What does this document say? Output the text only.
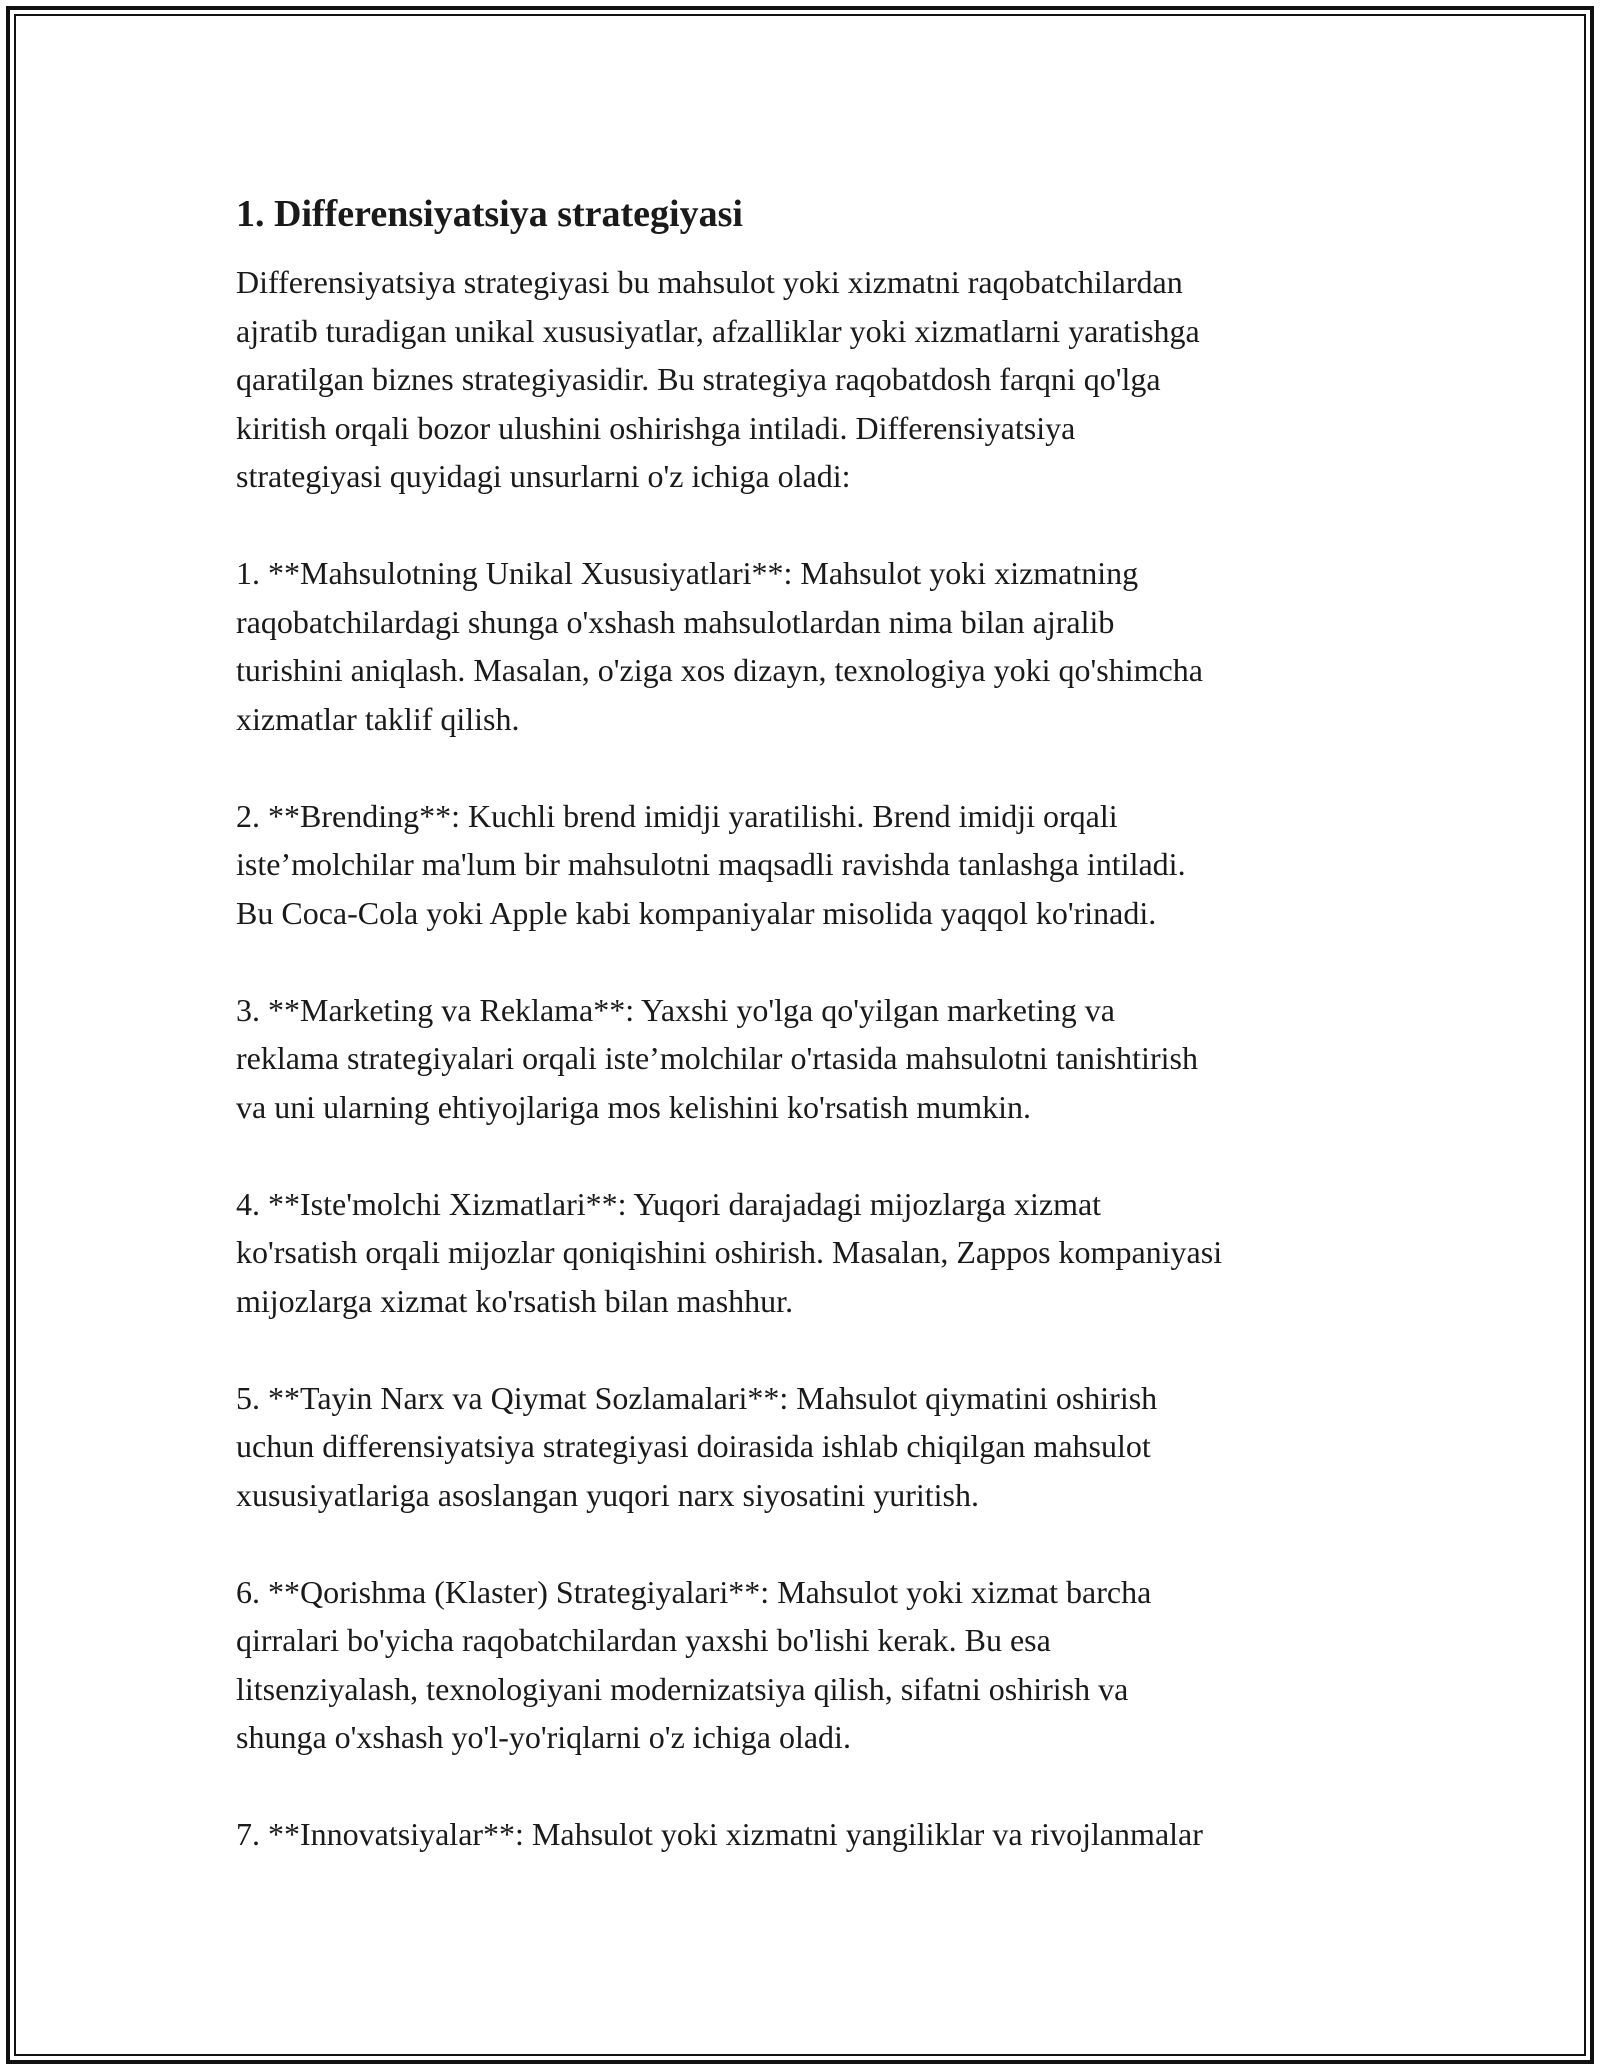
1. Differensiyatsiya strategiyasi

Differensiyatsiya strategiyasi bu mahsulot yoki xizmatni raqobatchilardan
ajratib turadigan unikal xususiyatlar, afzalliklar yoki xizmatlarni yaratishga
qaratilgan biznes strategiyasidir. Bu strategiya raqobatdosh farqni qo'lga
kiritish orqali bozor ulushini oshirishga intiladi. Differensiyatsiya
strategiyasi quyidagi unsurlarni o'z ichiga oladi:

1. **Mahsulotning Unikal Xususiyatlari**: Mahsulot yoki xizmatning
raqobatchilardagi shunga o'xshash mahsulotlardan nima bilan ajralib
turishini aniqlash. Masalan, o'ziga xos dizayn, texnologiya yoki qo'shimcha
xizmatlar taklif qilish.

2. **Brending**: Kuchli brend imidji yaratilishi. Brend imidji orqali
iste’molchilar ma'lum bir mahsulotni maqsadli ravishda tanlashga intiladi.
Bu Coca-Cola yoki Apple kabi kompaniyalar misolida yaqqol ko'rinadi.

3. **Marketing va Reklama**: Yaxshi yo'lga qo'yilgan marketing va
reklama strategiyalari orqali iste’molchilar o'rtasida mahsulotni tanishtirish
va uni ularning ehtiyojlariga mos kelishini ko'rsatish mumkin.

4. **Iste'molchi Xizmatlari**: Yuqori darajadagi mijozlarga xizmat
ko'rsatish orqali mijozlar qoniqishini oshirish. Masalan, Zappos kompaniyasi
mijozlarga xizmat ko'rsatish bilan mashhur.

5. **Tayin Narx va Qiymat Sozlamalari**: Mahsulot qiymatini oshirish
uchun differensiyatsiya strategiyasi doirasida ishlab chiqilgan mahsulot
xususiyatlariga asoslangan yuqori narx siyosatini yuritish.

6. **Qorishma (Klaster) Strategiyalari**: Mahsulot yoki xizmat barcha
qirralari bo'yicha raqobatchilardan yaxshi bo'lishi kerak. Bu esa
litsenziyalash, texnologiyani modernizatsiya qilish, sifatni oshirish va
shunga o'xshash yo'l-yo'riqlarni o'z ichiga oladi.

7. **Innovatsiyalar**: Mahsulot yoki xizmatni yangiliklar va rivojlanmalar
